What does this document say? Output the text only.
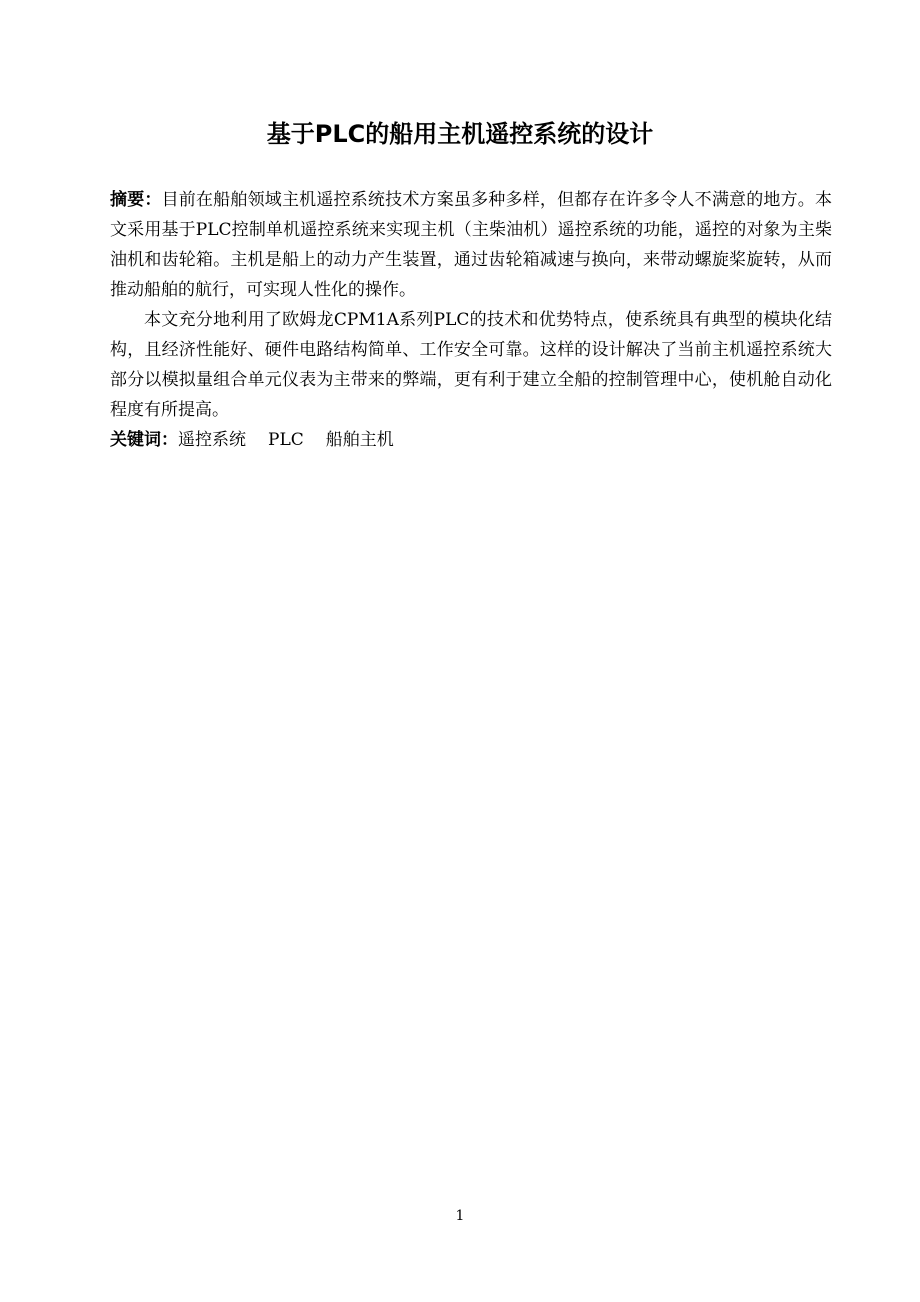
基于PLC的船用主机遥控系统的设计

摘要：目前在船舶领域主机遥控系统技术方案虽多种多样，但都存在许多令人不满意的地方。本文采用基于PLC控制单机遥控系统来实现主机（主柴油机）遥控系统的功能，遥控的对象为主柴油机和齿轮箱。主机是船上的动力产生装置，通过齿轮箱减速与换向，来带动螺旋桨旋转，从而推动船舶的航行，可实现人性化的操作。

本文充分地利用了欧姆龙CPM1A系列PLC的技术和优势特点，使系统具有典型的模块化结构，且经济性能好、硬件电路结构简单、工作安全可靠。这样的设计解决了当前主机遥控系统大部分以模拟量组合单元仪表为主带来的弊端，更有利于建立全船的控制管理中心，使机舱自动化程度有所提高。

关键词：遥控系统 PLC 船舶主机

1
